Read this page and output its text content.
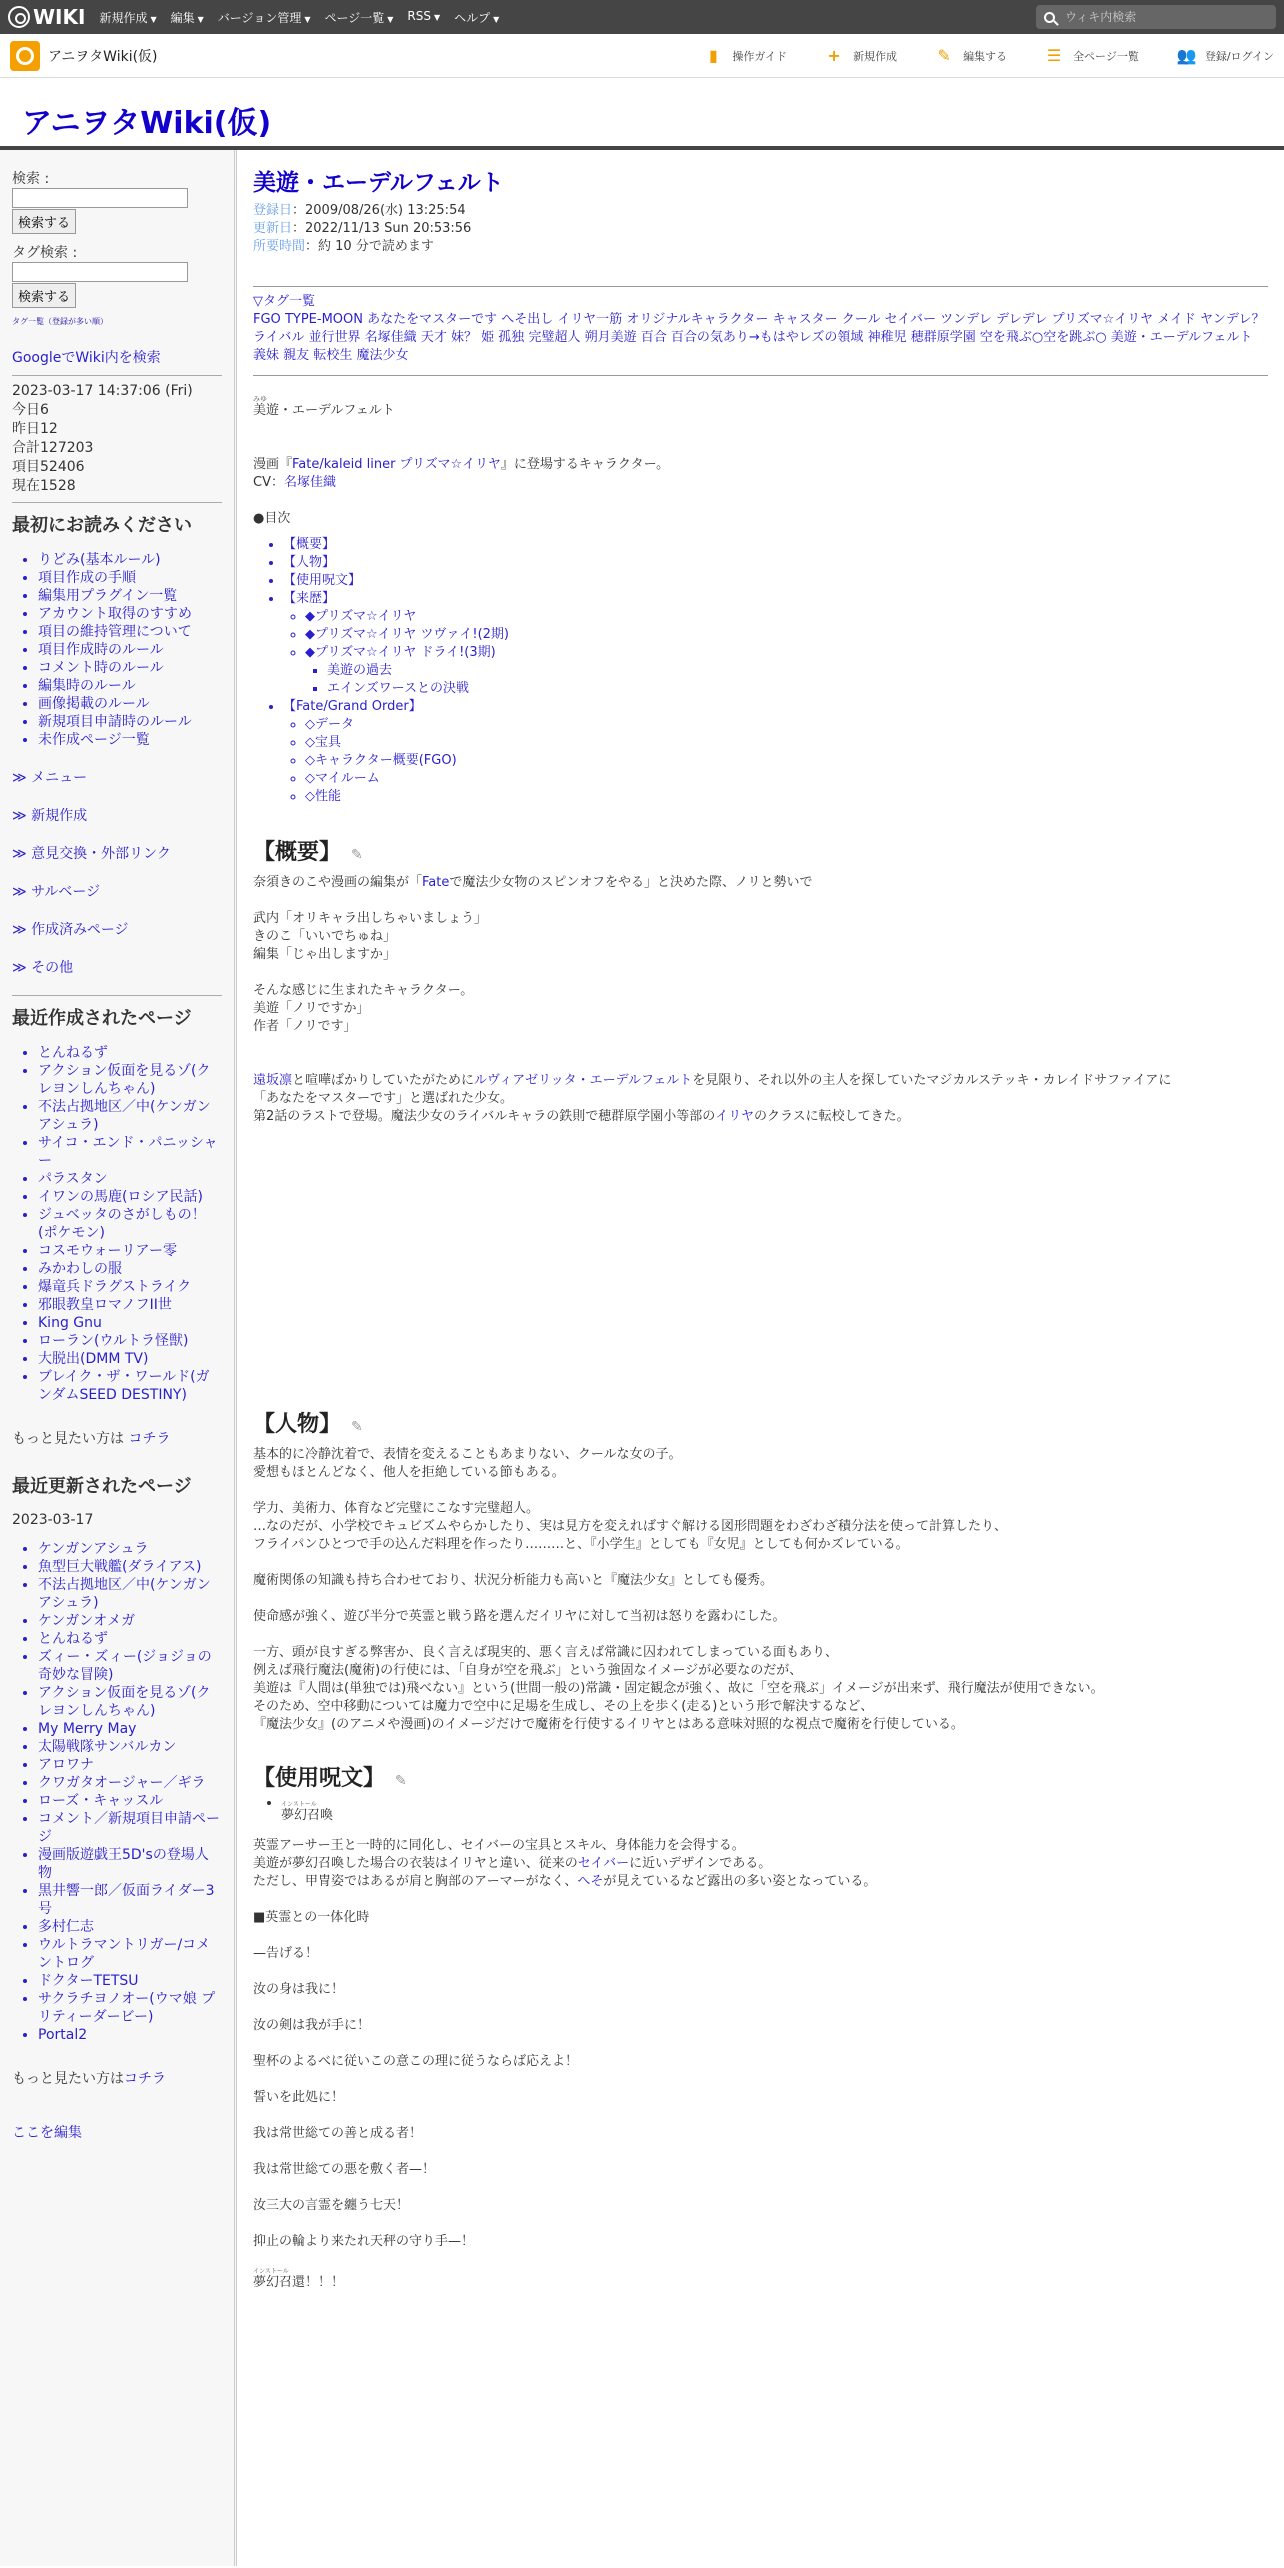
WIKI 新規作成 ▼ 編集 ▼ バージョン管理 ▼ ページ一覧 ▼ RSS ▼ ヘルプ ▼
ウィキ内検索
アニヲタWiki(仮)	▮	操作ガイド	+ 新規作成	✎ 編集する ☰ 全ページ一覧 👥 登録/ログイン
アニヲタWiki(仮)
検索 :

検索する
タグ検索 :

検索する
タグ一覧（登録が多い順）
GoogleでWiki内を検索
2023-03-17 14:37:06 (Fri)
今日6
昨日12
合計127203
項目52406
現在1528
最初にお読みください
• りどみ(基本ルール)
• 項目作成の手順
• 編集用プラグイン一覧
• アカウント取得のすすめ
• 項目の維持管理について
• 項目作成時のルール
• コメント時のルール
• 編集時のルール
• 画像掲載のルール
• 新規項目申請時のルール
• 未作成ページ一覧
≫ メニュー
≫ 新規作成
≫ 意見交換・外部リンク
≫ サルベージ
≫ 作成済みページ
≫ その他
最近作成されたページ
• とんねるず
• アクション仮面を見るゾ(クレヨンしんちゃん)
• 不法占拠地区／中(ケンガンアシュラ)
• サイコ・エンド・パニッシャー
• パラスタン
• イワンの馬鹿(ロシア民話)
• ジュベッタのさがしもの！(ポケモン)
• コスモウォーリアー零
• みかわしの服
• 爆竜兵ドラグストライク
• 邪眼教皇ロマノフII世
• King Gnu
• ローラン(ウルトラ怪獣)
• 大脱出(DMM TV)
• ブレイク・ザ・ワールド(ガンダムSEED DESTINY)
もっと見たい方は コチラ
最近更新されたページ
2023-03-17
• ケンガンアシュラ
• 魚型巨大戦艦(ダライアス)
• 不法占拠地区／中(ケンガンアシュラ)
• ケンガンオメガ
• とんねるず
• ズィー・ズィー(ジョジョの奇妙な冒険)
• アクション仮面を見るゾ(クレヨンしんちゃん)
• My Merry May
• 太陽戦隊サンバルカン
• アロワナ
• クワガタオージャー／ギラ
• ローズ・キャッスル
• コメント／新規項目申請ページ
• 漫画版遊戯王5D'sの登場人物
• 黒井響一郎／仮面ライダー3号
• 多村仁志
• ウルトラマントリガー/コメントログ
• ドクターTETSU
• サクラチヨノオー(ウマ娘 プリティーダービー)
• Portal2
もっと見たい方はコチラ
ここを編集
美遊・エーデルフェルト
登録日：2009/08/26(水) 13:25:54
更新日：2022/11/13 Sun 20:53:56
所要時間：約 10 分で読めます
▽タグ一覧
FGO TYPE-MOON あなたをマスターです へそ出し イリヤ一筋 オリジナルキャラクター キャスター クール セイバー ツンデレ デレデレ プリズマ☆イリヤ メイド ヤンデレ？ ライバル 並行世界 名塚佳織 天才 妹？ 姫 孤独 完璧超人 朔月美遊 百合 百合の気あり→もはやレズの領域 神稚児 穂群原学園 空を飛ぶ○空を跳ぶ○ 美遊・エーデルフェルト 義妹 親友 転校生 魔法少女
みゆ
美遊・エーデルフェルト
漫画『Fate/kaleid liner プリズマ☆イリヤ』に登場するキャラクター。
CV：名塚佳織
●目次
• 【概要】
• 【人物】
• 【使用呪文】
• 【来歴】
◦ ◆プリズマ☆イリヤ
◦ ◆プリズマ☆イリヤ ツヴァイ!(2期)
◦ ◆プリズマ☆イリヤ ドライ!(3期)
▪ 美遊の過去
▪ エインズワースとの決戦
• 【Fate/Grand Order】
◦ ◇データ
◦ ◇宝具
◦ ◇キャラクター概要(FGO)
◦ ◇マイルーム
◦ ◇性能
【概要】 ✎
奈須きのこや漫画の編集が「Fateで魔法少女物のスピンオフをやる」と決めた際、ノリと勢いで
武内「オリキャラ出しちゃいましょう」
きのこ「いいでちゅね」
編集「じゃ出しますか」
そんな感じに生まれたキャラクター。
美遊「ノリですか」
作者「ノリです」
遠坂凛と喧嘩ばかりしていたがためにルヴィアゼリッタ・エーデルフェルトを見限り、それ以外の主人を探していたマジカルステッキ・カレイドサファイアに
「あなたをマスターです」と選ばれた少女。
第2話のラストで登場。魔法少女のライバルキャラの鉄則で穂群原学園小等部のイリヤのクラスに転校してきた。
【人物】 ✎
基本的に冷静沈着で、表情を変えることもあまりない、クールな女の子。
愛想もほとんどなく、他人を拒絶している節もある。
学力、美術力、体育など完璧にこなす完璧超人。
…なのだが、小学校でキュビズムやらかしたり、実は見方を変えればすぐ解ける図形問題をわざわざ積分法を使って計算したり、
フライパンひとつで手の込んだ料理を作ったり………と、『小学生』としても『女児』としても何かズレている。
魔術関係の知識も持ち合わせており、状況分析能力も高いと『魔法少女』としても優秀。
使命感が強く、遊び半分で英霊と戦う路を選んだイリヤに対して当初は怒りを露わにした。
一方、頭が良すぎる弊害か、良く言えば現実的、悪く言えば常識に囚われてしまっている面もあり、
例えば飛行魔法(魔術)の行使には、「自身が空を飛ぶ」という強固なイメージが必要なのだが、
美遊は『人間は(単独では)飛べない』という(世間一般の)常識・固定観念が強く、故に「空を飛ぶ」イメージが出来ず、飛行魔法が使用できない。
そのため、空中移動については魔力で空中に足場を生成し、その上を歩く(走る)という形で解決するなど、
『魔法少女』(のアニメや漫画)のイメージだけで魔術を行使するイリヤとはある意味対照的な視点で魔術を行使している。
【使用呪文】 ✎
• インストール
夢幻召喚
英霊アーサー王と一時的に同化し、セイバーの宝具とスキル、身体能力を会得する。
美遊が夢幻召喚した場合の衣装はイリヤと違い、従来のセイバーに近いデザインである。
ただし、甲冑姿ではあるが肩と胸部のアーマーがなく、へそが見えているなど露出の多い姿となっている。
■英霊との一体化時
—告げる！
汝の身は我に！
汝の剣は我が手に！
聖杯のよるべに従いこの意この理に従うならば応えよ！
誓いを此処に！
我は常世総ての善と成る者！
我は常世総ての悪を敷く者—！
汝三大の言霊を纏う七天！
抑止の輪より来たれ天秤の守り手—！
インストール
夢幻召還！！！
